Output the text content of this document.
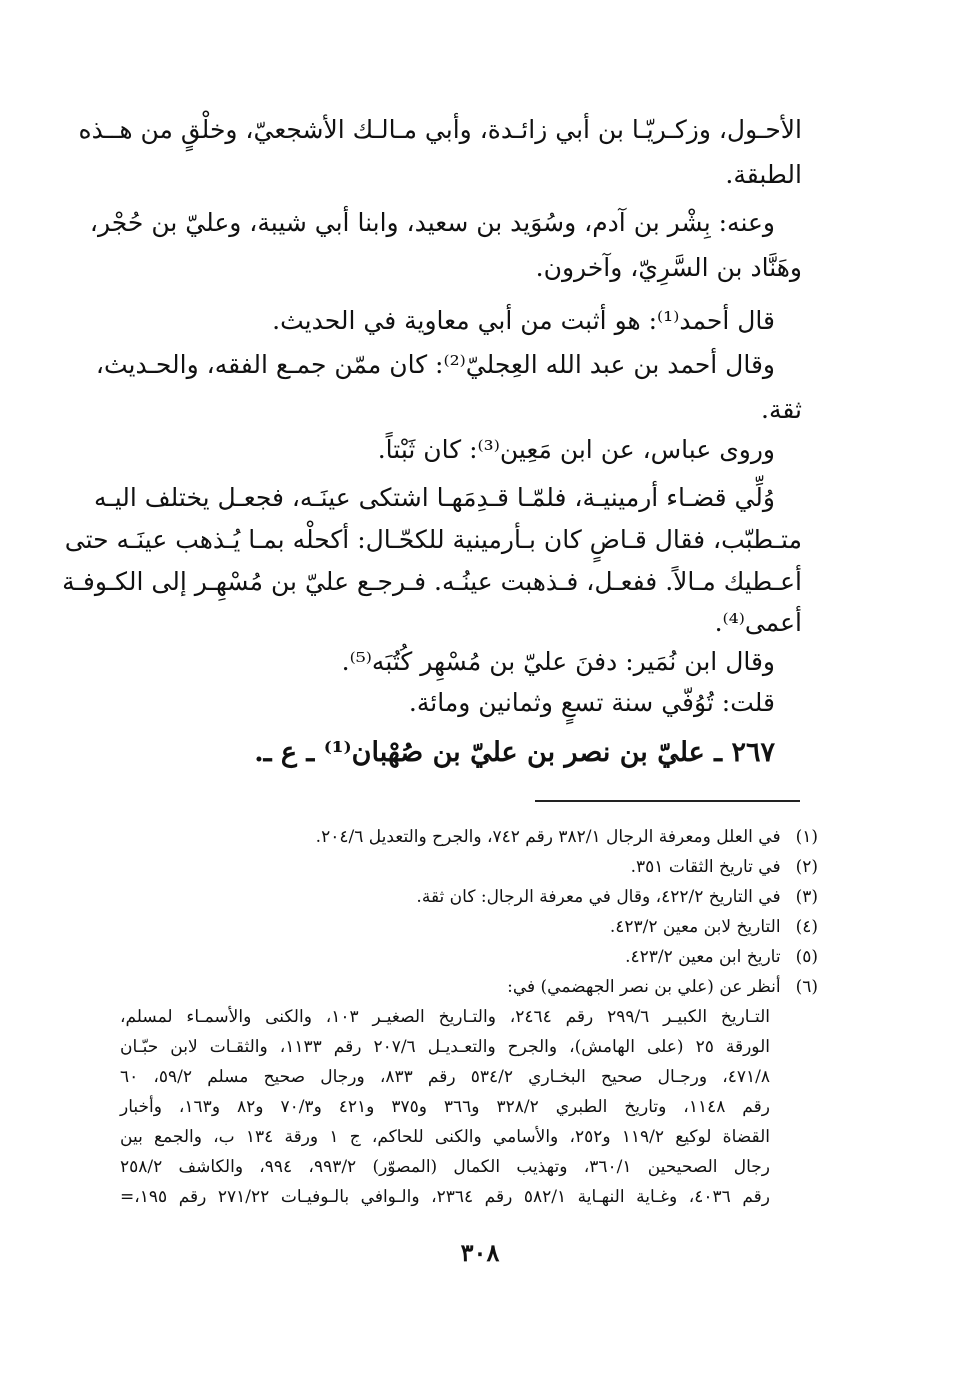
الأحـول، وزكـريّـا بن أبي زائـدة، وأبي مـالـك الأشجعيّ، وخلْقٍ من هــذه
الطبقة.
وعنه: بِشْر بن آدم، وسُوَيد بن سعيد، وابنا أبي شيبة، وعليّ بن حُجْر،
وهَنَّاد بن السَّرِيّ، وآخرون.
قال أحمد⁽¹⁾: هو أثبت من أبي معاوية في الحديث.
وقال أحمد بن عبد الله العِجليّ⁽²⁾: كان ممّن جمـع الفقه، والحـديث،
ثقة.
وروى عباس، عن ابن مَعِين⁽³⁾: كان ثَبْتاً.
وُلِّي قضـاء أرمينيـة، فلمّـا قـدِمَهـا اشتكى عينَـه، فجعـل يختلف اليـه
متـطبّب، فقال قـاضٍ كان بـأرمينية للكحّـال: أكحلْه بمـا يُـذهب عينَـه حتى
أعـطيك مـالاً. ففعـل، فـذهبت عينُـه. فـرجـع عليّ بن مُسْهِـر إلى الكـوفـة
أعمى⁽⁴⁾.
وقال ابن نُمَير: دفنَ عليّ بن مُسْهِر كُتُبَه⁽⁵⁾.
قلت: تُوُفّي سنة تسعٍ وثمانين ومائة.
٢٦٧ ـ عليّ بن نصر بن عليّ بن صُهْبان⁽¹⁾ ـ ع ـ.
(١) في العلل ومعرفة الرجال ٣٨٢/١ رقم ٧٤٢، والجرح والتعديل ٢٠٤/٦.
(٢) في تاريخ الثقات ٣٥١.
(٣) في التاريخ ٤٢٢/٢، وقال في معرفة الرجال: كان ثقة.
(٤) التاريخ لابن معين ٤٢٣/٢.
(٥) تاريخ ابن معين ٤٢٣/٢.
(٦) أنظر عن (علي بن نصر الجهضمي) في:
التـاريخ الكبيـر ٢٩٩/٦ رقم ٢٤٦٤، والتـاريخ الصغيـر ١٠٣، والكنى والأسمـاء لمسلم،
الورقة ٢٥ (على الهامش)، والجرح والتعـديـل ٢٠٧/٦ رقم ١١٣٣، والثقـات لابن حبّـان
٤٧١/٨، ورجـال صحيح البخـاري ٥٣٤/٢ رقم ٨٣٣، ورجال صحيح مسلم ٥٩/٢، ٦٠
رقم ١١٤٨، وتاريخ الطبري ٣٢٨/٢ و٣٦٦ و٣٧٥ و٤٢١ و٧٠/٣ و٨٢ و١٦٣، وأخبار
القضاة لوكيع ١١٩/٢ و٢٥٢، والأسامي والكنى للحاكم، ج ١ ورقة ١٣٤ ب، والجمع بين
رجال الصحيحين ٣٦٠/١، وتهذيب الكمال (المصوّر) ٩٩٣/٢، ٩٩٤، والكاشف ٢٥٨/٢
رقم ٤٠٣٦، وغـاية النهـاية ٥٨٢/١ رقم ٢٣٦٤، والـوافي بالـوفيـات ٢٧١/٢٢ رقم ١٩٥،=
٣٠٨
